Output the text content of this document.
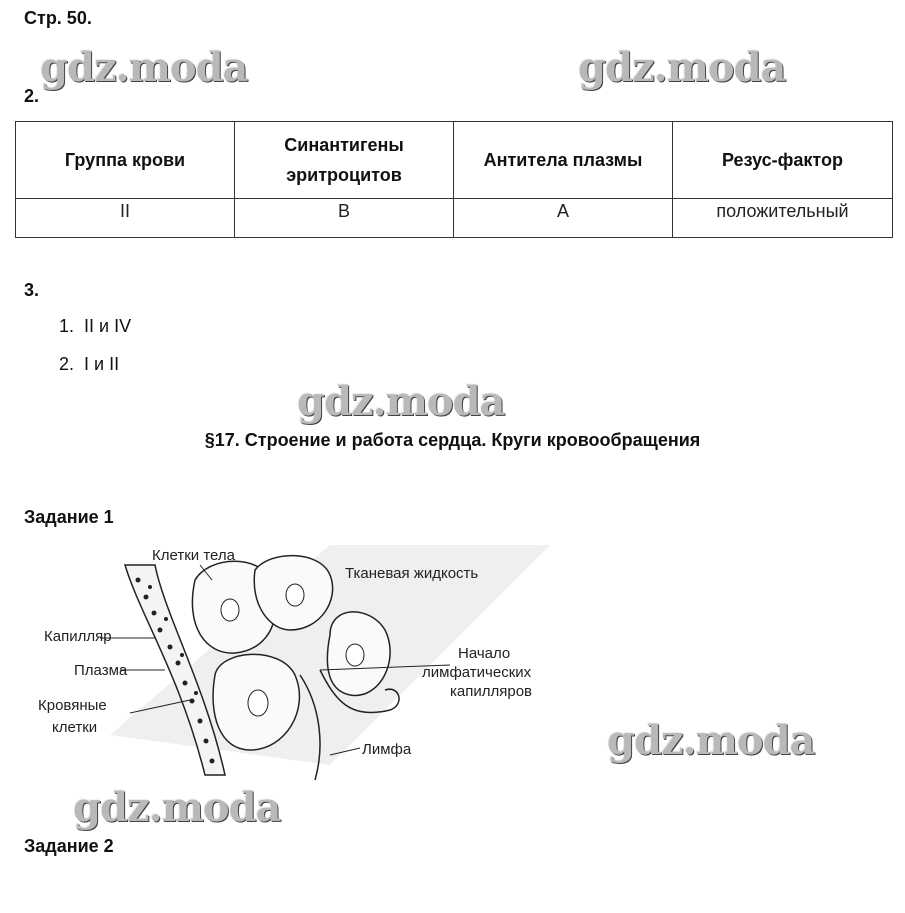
Стр. 50.
gdz.moda	gdz.moda
gdz.moda
gdz.moda
gdz.moda
2.
Группа крови	Синантигены эритроцитов	Антитела плазмы	Резус-фактор
II	B	A	положительный
3.
1. II и IV
2. I и II
§17. Строение и работа сердца. Круги кровообращения
Задание 1
Клетки тела
Тканевая жидкость
Капилляр
Плазма
Кровяные
клетки
Начало
лимфатических
капилляров
Лимфа
Задание 2
